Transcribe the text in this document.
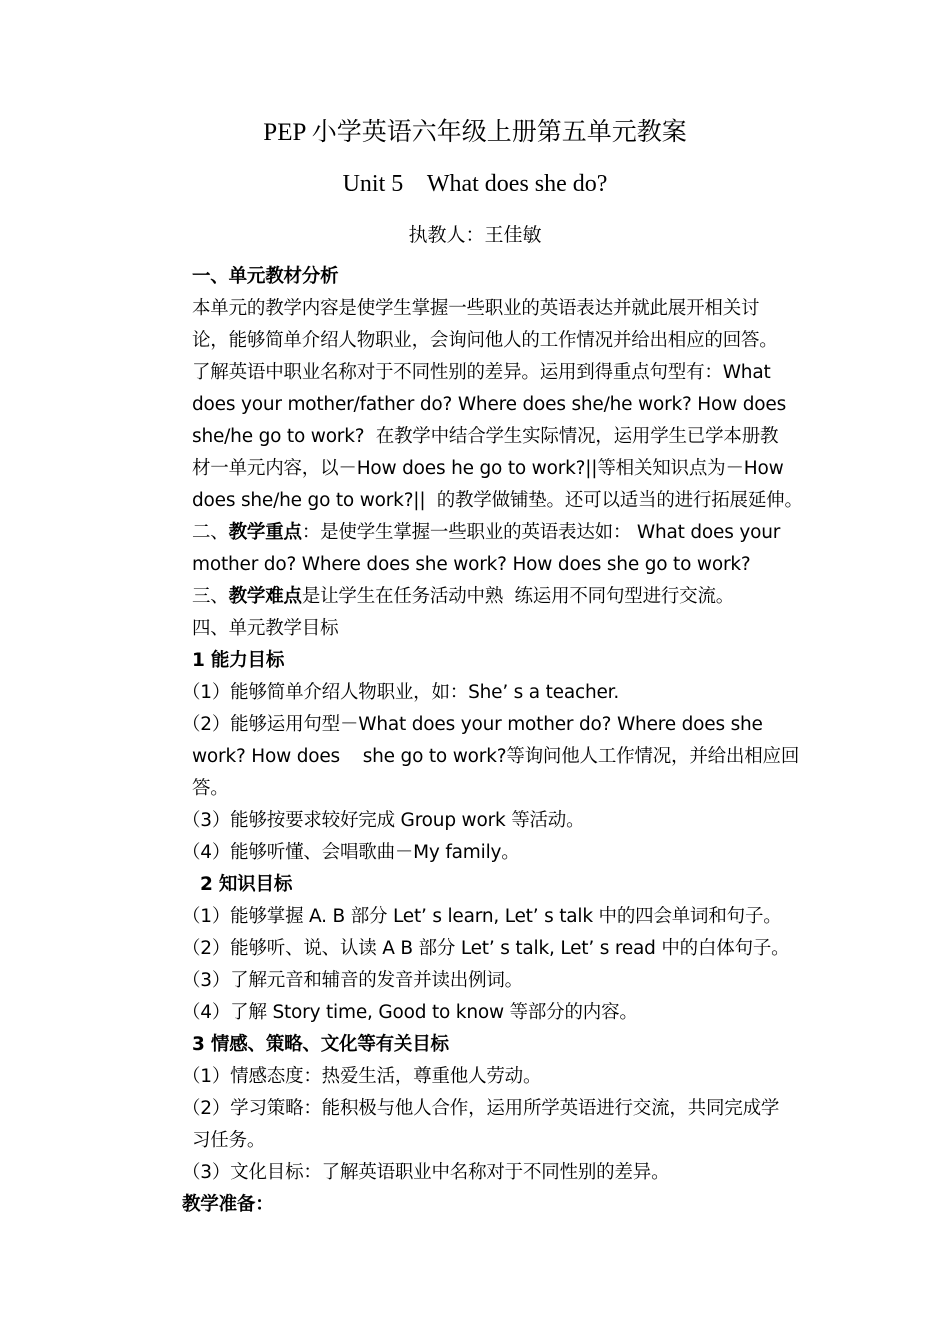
PEP 小学英语六年级上册第五单元教案
Unit 5    What does she do?
执教人：王佳敏
一、单元教材分析
本单元的教学内容是使学生掌握一些职业的英语表达并就此展开相关讨
论，能够简单介绍人物职业，会询问他人的工作情况并给出相应的回答。
了解英语中职业名称对于不同性别的差异。运用到得重点句型有：What
does your mother/father do? Where does she/he work? How does
she/he go to work?  在教学中结合学生实际情况，运用学生已学本册教
材一单元内容，以－How does he go to work?||等相关知识点为－How
does she/he go to work?||  的教学做铺垫。还可以适当的进行拓展延伸。
二、教学重点：是使学生掌握一些职业的英语表达如： What does your
mother do? Where does she work? How does she go to work?
三、教学难点是让学生在任务活动中熟  练运用不同句型进行交流。
四、单元教学目标
1 能力目标
（1）能够简单介绍人物职业，如：She’ s a teacher.
（2）能够运用句型－What does your mother do? Where does she
work? How does    she go to work?等询问他人工作情况，并给出相应回
答。
（3）能够按要求较好完成 Group work 等活动。
（4）能够听懂、会唱歌曲－My family。
2 知识目标
（1）能够掌握 A. B 部分 Let’ s learn, Let’ s talk 中的四会单词和句子。
（2）能够听、说、认读 A B 部分 Let’ s talk, Let’ s read 中的白体句子。
（3）了解元音和辅音的发音并读出例词。
（4）了解 Story time, Good to know 等部分的内容。
3 情感、策略、文化等有关目标
（1）情感态度：热爱生活，尊重他人劳动。
（2）学习策略：能积极与他人合作，运用所学英语进行交流，共同完成学
习任务。
（3）文化目标：了解英语职业中名称对于不同性别的差异。
教学准备：
